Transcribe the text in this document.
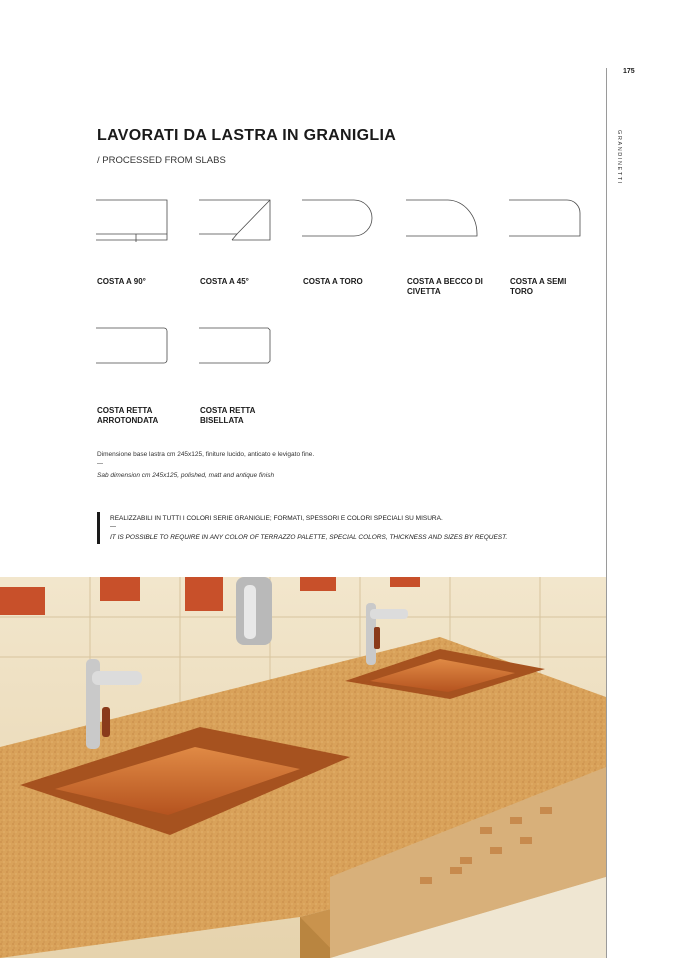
175
GRANDINETTI
LAVORATI DA LASTRA IN GRANIGLIA
/ PROCESSED FROM SLABS
COSTA A 90°	COSTA A 45°	COSTA A TORO	COSTA A BECCO DI CIVETTA
COSTA A SEMI TORO
COSTA RETTA ARROTONDATA
COSTA RETTA BISELLATA
Dimensione base lastra cm 245x125, finiture lucido, anticato e levigato fine.
—
Sab dimension cm 245x125, polished, matt and antique finish
REALIZZABILI IN TUTTI I COLORI SERIE GRANIGLIE; FORMATI, SPESSORI E COLORI SPECIALI SU MISURA.
—
IT IS POSSIBLE TO REQUIRE IN ANY COLOR OF TERRAZZO PALETTE, SPECIAL COLORS, THICKNESS AND SIZES BY REQUEST.
